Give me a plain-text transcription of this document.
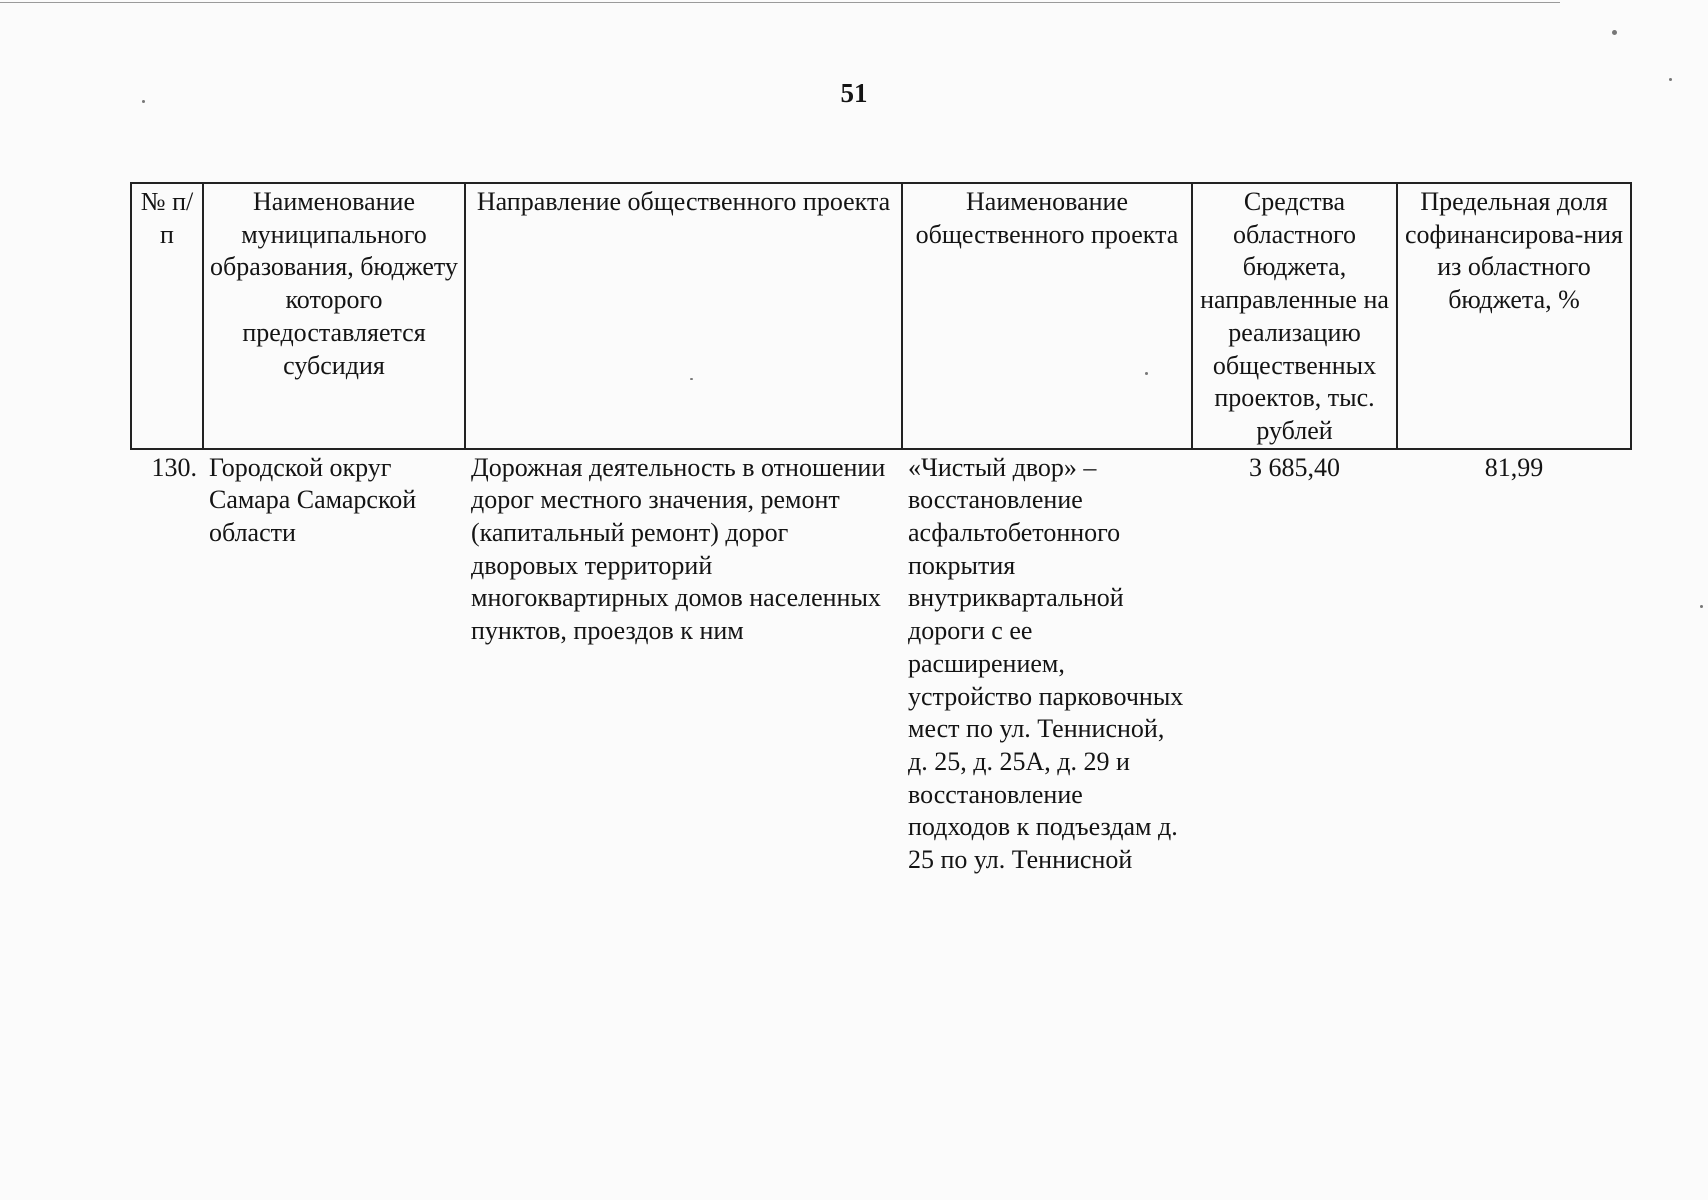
51
№ п/п	Наименование муниципального образования, бюджету которого предоставляется субсидия	Направление общественного проекта	Наименование общественного проекта	Средства областного бюджета, направленные на реализацию общественных проектов, тыс. рублей	Предельная доля софинансирова-ния из областного бюджета, %
130.	Городской округ Самара Самарской области	Дорожная деятельность в отношении дорог местного значения, ремонт (капитальный ремонт) дорог дворовых территорий многоквартирных домов населенных пунктов, проездов к ним	«Чистый двор» – восстановление асфальтобетонного покрытия внутриквартальной дороги с ее расширением, устройство парковочных мест по ул. Теннисной, д. 25, д. 25А, д. 29 и восстановление подходов к подъездам д. 25 по ул. Теннисной	3 685,40	81,99
